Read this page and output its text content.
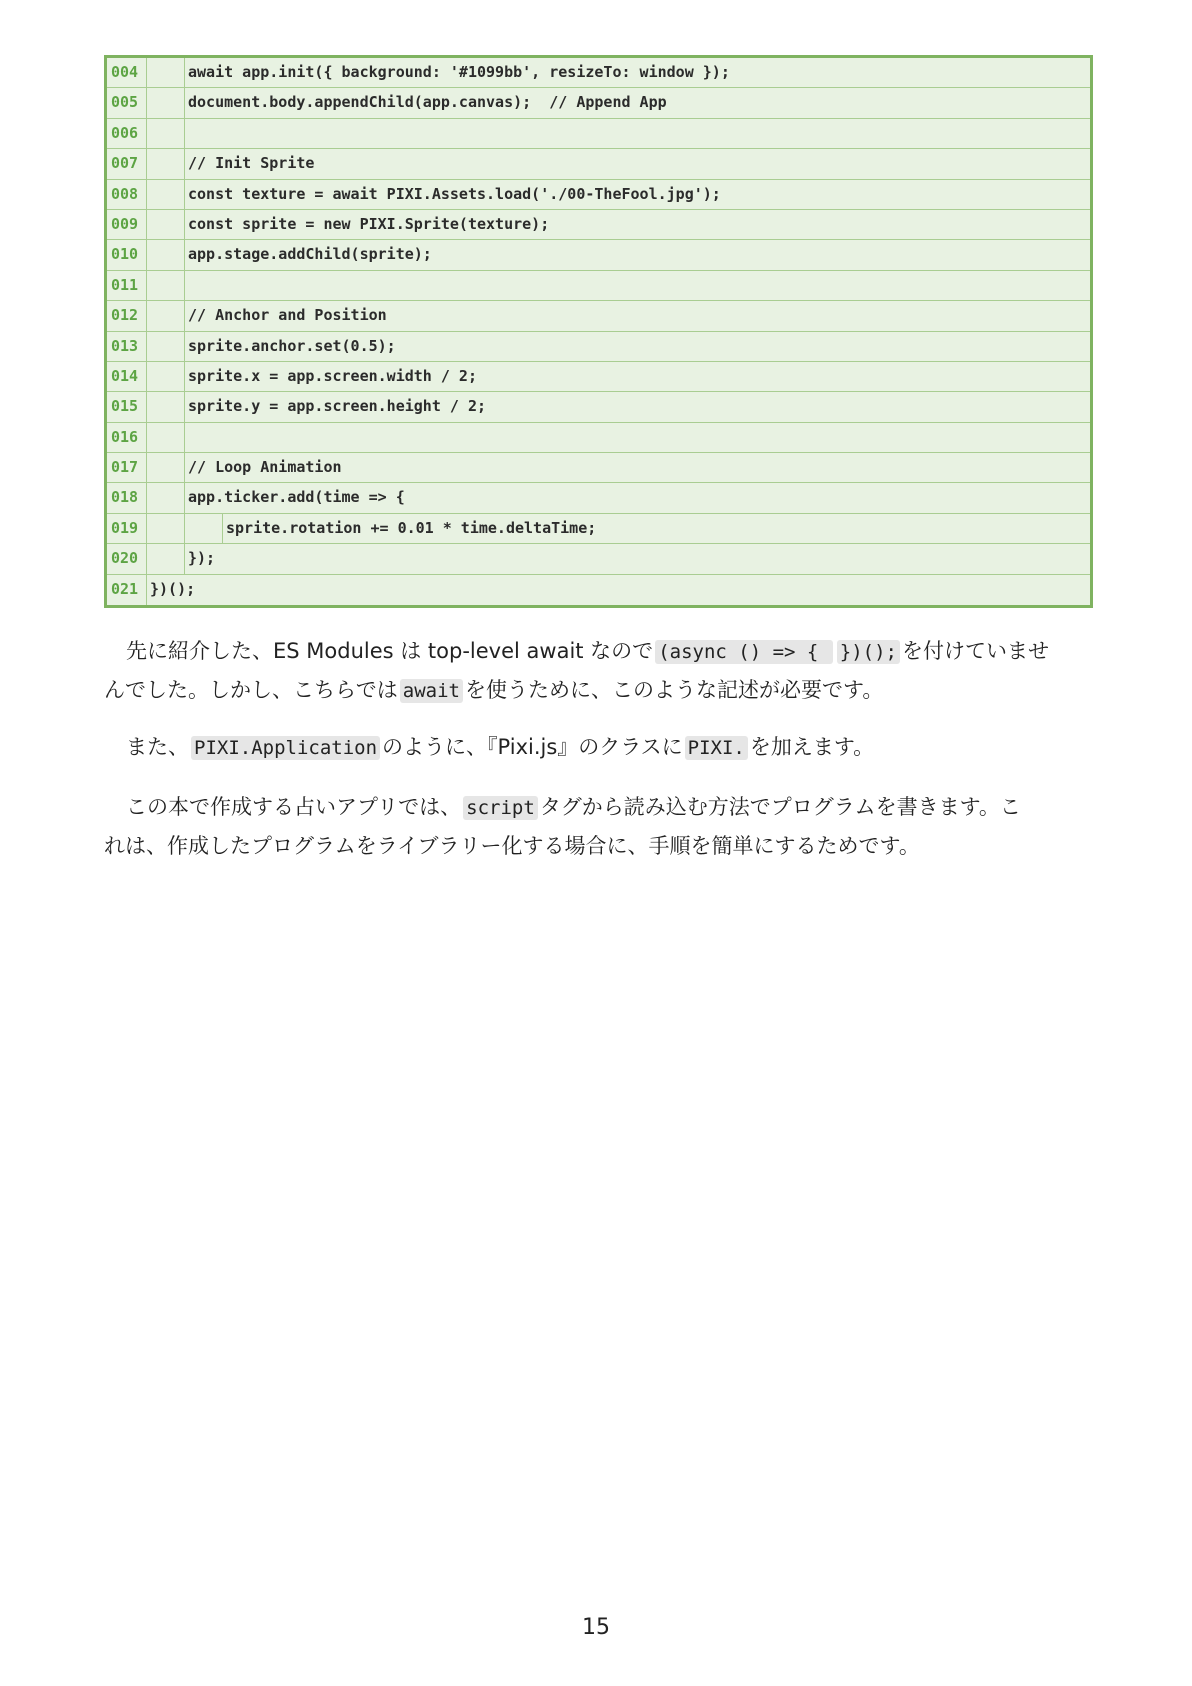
004	await app.init({ background: '#1099bb', resizeTo: window });
005	document.body.appendChild(app.canvas);  // Append App
006
007	// Init Sprite
008	const texture = await PIXI.Assets.load('./00-TheFool.jpg');
009	const sprite = new PIXI.Sprite(texture);
010	app.stage.addChild(sprite);
011
012	// Anchor and Position
013	sprite.anchor.set(0.5);
014	sprite.x = app.screen.width / 2;
015	sprite.y = app.screen.height / 2;
016
017	// Loop Animation
018	app.ticker.add(time => {
019	sprite.rotation += 0.01 * time.deltaTime;
020	});
021 })();
先に紹介した、ES Modules は top-level await なので (async () => { })(); を付けていませ
んでした。しかし、こちらでは await を使うために、このような記述が必要です。
また、 PIXI.Application のように、『Pixi.js』のクラスに PIXI. を加えます。
この本で作成する占いアプリでは、 script タグから読み込む方法でプログラムを書きます。こ
れは、作成したプログラムをライブラリー化する場合に、手順を簡単にするためです。
15
